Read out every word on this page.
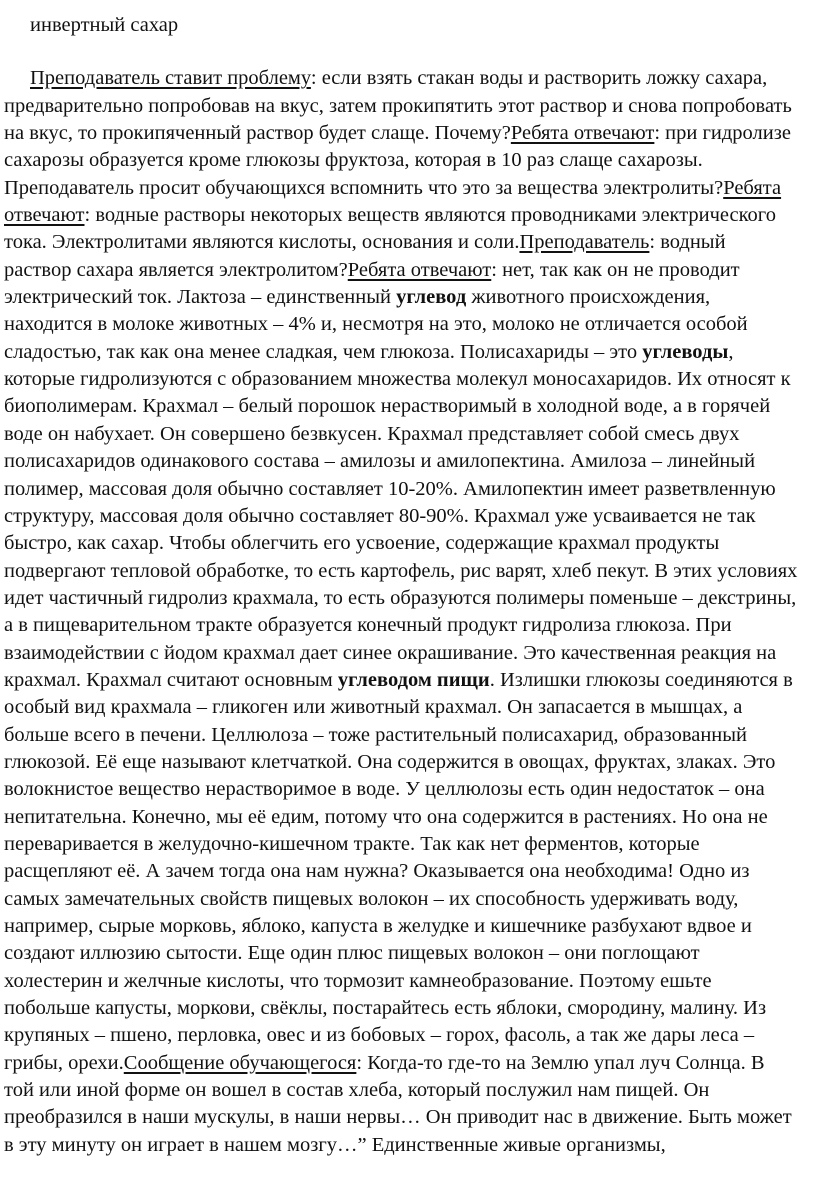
инвертный сахар

Преподаватель ставит проблему: если взять стакан воды и растворить ложку сахара, предварительно попробовав на вкус, затем прокипятить этот раствор и снова попробовать на вкус, то прокипяченный раствор будет слаще. Почему?Ребята отвечают: при гидролизе сахарозы образуется кроме глюкозы фруктоза, которая в 10 раз слаще сахарозы. Преподаватель просит обучающихся вспомнить что это за вещества электролиты?Ребята отвечают: водные растворы некоторых веществ являются проводниками электрического тока. Электролитами являются кислоты, основания и соли.Преподаватель: водный раствор сахара является электролитом?Ребята отвечают: нет, так как он не проводит электрический ток. Лактоза – единственный углевод животного происхождения, находится в молоке животных – 4% и, несмотря на это, молоко не отличается особой сладостью, так как она менее сладкая, чем глюкоза. Полисахариды – это углеводы, которые гидролизуются с образованием множества молекул моносахаридов. Их относят к биополимерам. Крахмал – белый порошок нерастворимый в холодной воде, а в горячей воде он набухает. Он совершено безвкусен. Крахмал представляет собой смесь двух полисахаридов одинакового состава – амилозы и амилопектина. Амилоза – линейный полимер, массовая доля обычно составляет 10-20%. Амилопектин имеет разветвленную структуру, массовая доля обычно составляет 80-90%. Крахмал уже усваивается не так быстро, как сахар. Чтобы облегчить его усвоение, содержащие крахмал продукты подвергают тепловой обработке, то есть картофель, рис варят, хлеб пекут. В этих условиях идет частичный гидролиз крахмала, то есть образуются полимеры поменьше – декстрины, а в пищеварительном тракте образуется конечный продукт гидролиза глюкоза. При взаимодействии с йодом крахмал дает синее окрашивание. Это качественная реакция на крахмал. Крахмал считают основным углеводом пищи. Излишки глюкозы соединяются в особый вид крахмала – гликоген или животный крахмал. Он запасается в мышцах, а больше всего в печени. Целлюлоза – тоже растительный полисахарид, образованный глюкозой. Её еще называют клетчаткой. Она содержится в овощах, фруктах, злаках. Это волокнистое вещество нерастворимое в воде. У целлюлозы есть один недостаток – она непитательна. Конечно, мы её едим, потому что она содержится в растениях. Но она не переваривается в желудочно-кишечном тракте. Так как нет ферментов, которые расщепляют её. А зачем тогда она нам нужна? Оказывается она необходима! Одно из самых замечательных свойств пищевых волокон – их способность удерживать воду, например, сырые морковь, яблоко, капуста в желудке и кишечнике разбухают вдвое и создают иллюзию сытости. Еще один плюс пищевых волокон – они поглощают холестерин и желчные кислоты, что тормозит камнеобразование. Поэтому ешьте побольше капусты, моркови, свёклы, постарайтесь есть яблоки, смородину, малину. Из крупяных – пшено, перловка, овес и из бобовых – горох, фасоль, а так же дары леса – грибы, орехи.Сообщение обучающегося: Когда-то где-то на Землю упал луч Солнца. В той или иной форме он вошел в состав хлеба, который послужил нам пищей. Он преобразился в наши мускулы, в наши нервы… Он приводит нас в движение. Быть может в эту минуту он играет в нашем мозгу…” Единственные живые организмы,
